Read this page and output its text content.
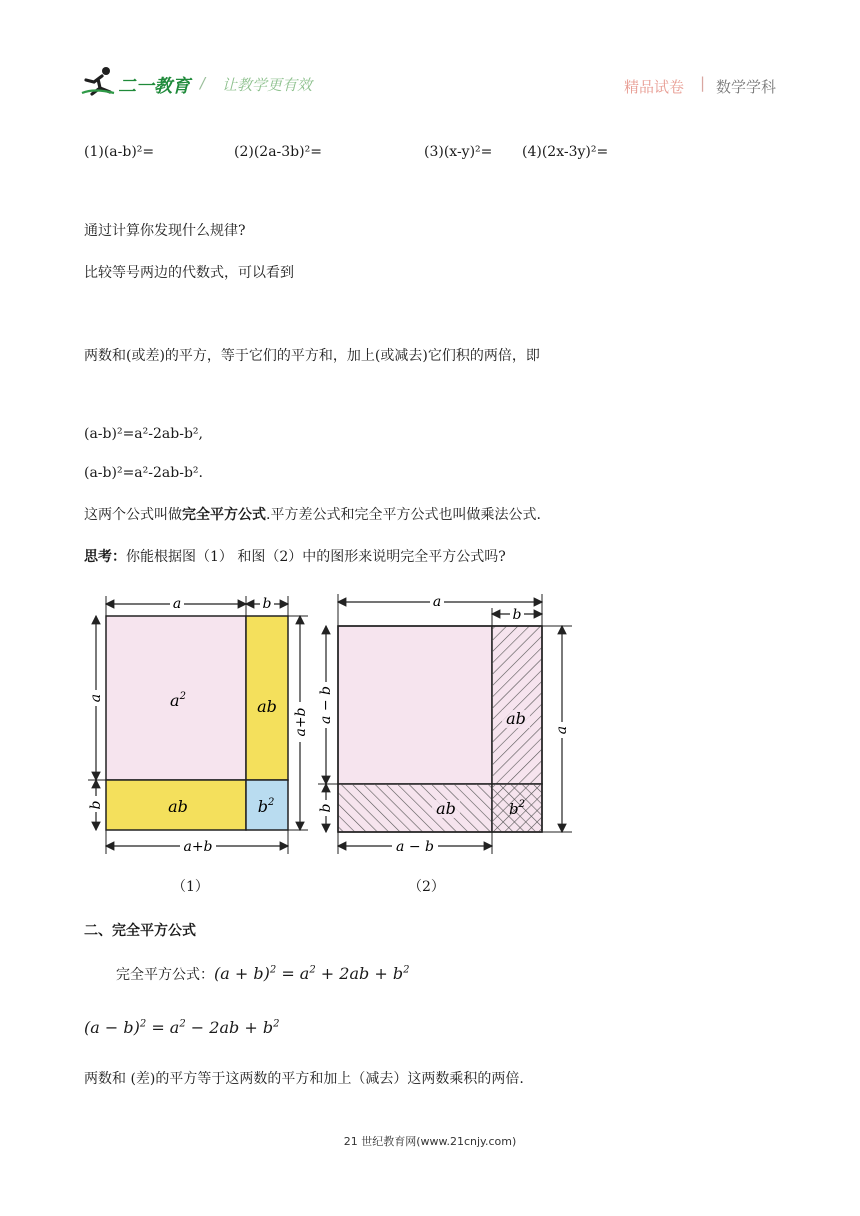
二一教育 / 让教学更有效	精品试卷 | 数学学科
(1)(a-b)²=	(2)(2a-3b)²=	(3)(x-y)²= (4)(2x-3y)²=
通过计算你发现什么规律?
比较等号两边的代数式，可以看到
两数和(或差)的平方，等于它们的平方和，加上(或减去)它们积的两倍，即
(a-b)²=a²-2ab-b²,
(a-b)²=a²-2ab-b².
这两个公式叫做完全平方公式.平方差公式和完全平方公式也叫做乘法公式.
思考：你能根据图（1） 和图（2）中的图形来说明完全平方公式吗?
a	b
a
b
a+b
a+b
$a^2$
ab
ab	$b^2$
a
b
a − b
b
a
a − b
ab
ab	$b^2$
（1）	（2）
二、完全平方公式
完全平方公式：$(a + b)^2 = a^2 + 2ab + b^2$
$(a - b)^2 = a^2 - 2ab + b^2$
两数和 (差)的平方等于这两数的平方和加上（减去）这两数乘积的两倍.
21 世纪教育网(www.21cnjy.com)
